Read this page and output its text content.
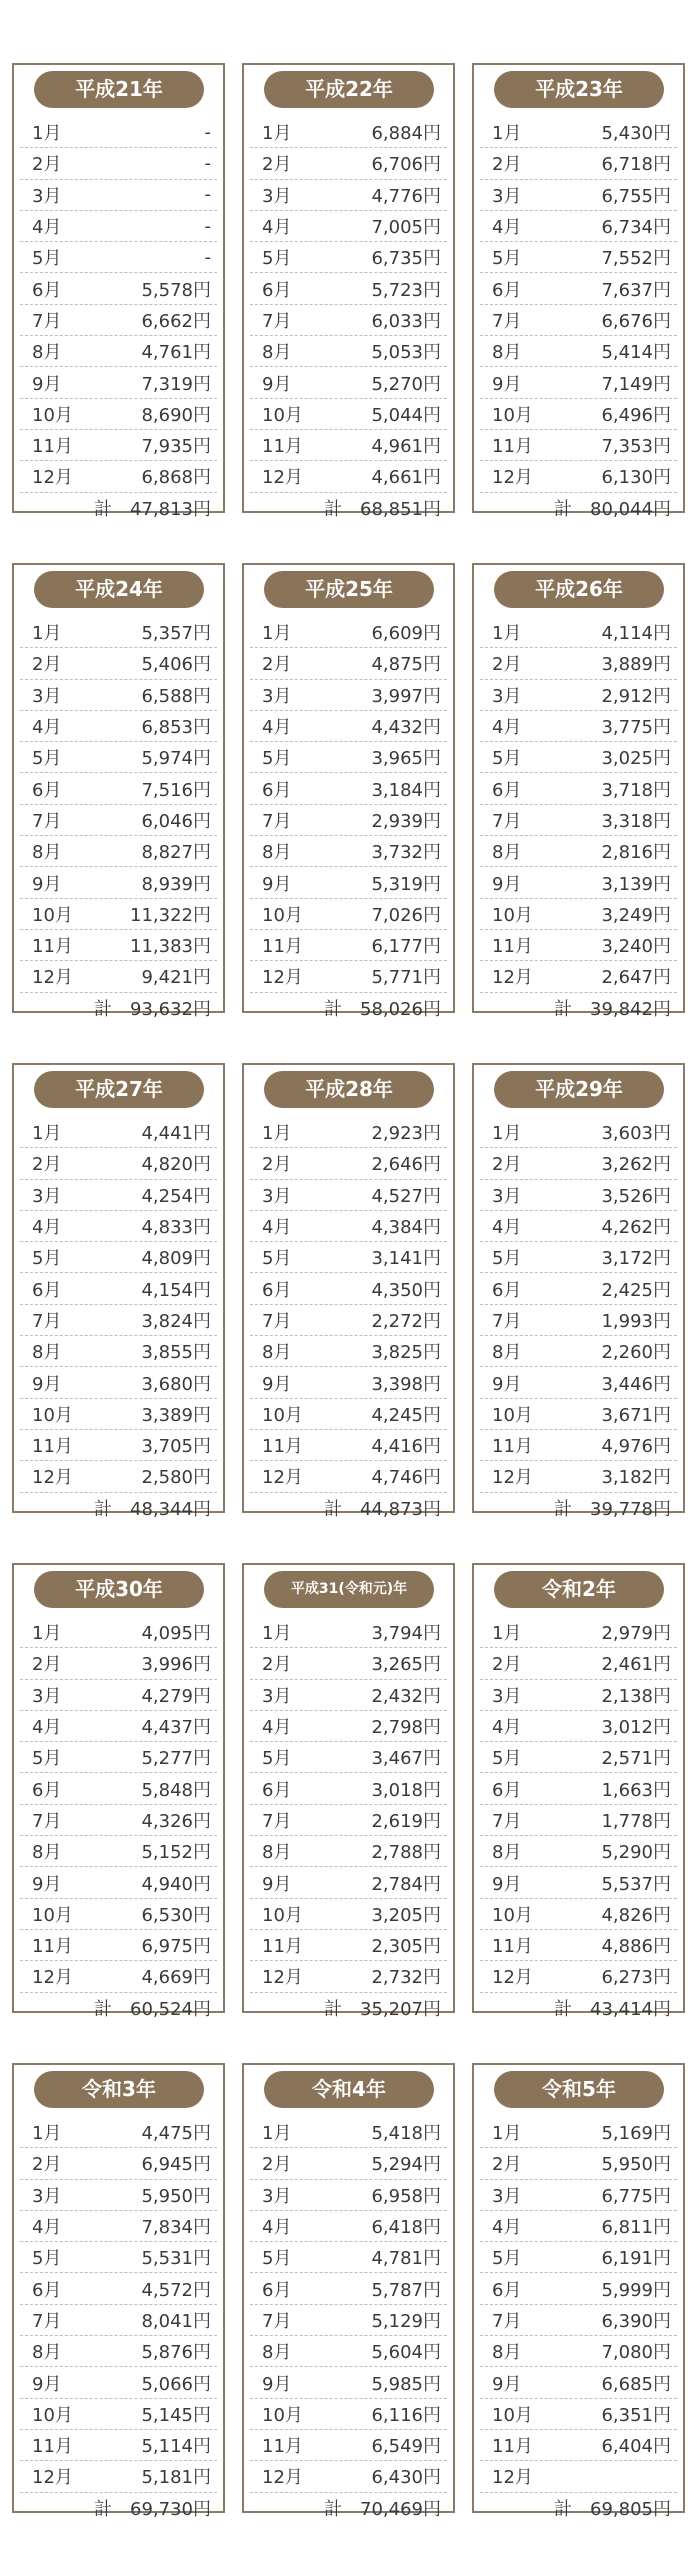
平成21年
1月	-
2月	-
3月	-
4月	-
5月	-
6月	5,578円
7月	6,662円
8月	4,761円
9月	7,319円
10月	8,690円
11月	7,935円
12月	6,868円
計 47,813円
平成22年
1月	6,884円
2月	6,706円
3月	4,776円
4月	7,005円
5月	6,735円
6月	5,723円
7月	6,033円
8月	5,053円
9月	5,270円
10月	5,044円
11月	4,961円
12月	4,661円
計 68,851円
平成23年
1月	5,430円
2月	6,718円
3月	6,755円
4月	6,734円
5月	7,552円
6月	7,637円
7月	6,676円
8月	5,414円
9月	7,149円
10月	6,496円
11月	7,353円
12月	6,130円
計 80,044円
平成24年
1月	5,357円
2月	5,406円
3月	6,588円
4月	6,853円
5月	5,974円
6月	7,516円
7月	6,046円
8月	8,827円
9月	8,939円
10月	11,322円
11月	11,383円
12月	9,421円
計 93,632円
平成25年
1月	6,609円
2月	4,875円
3月	3,997円
4月	4,432円
5月	3,965円
6月	3,184円
7月	2,939円
8月	3,732円
9月	5,319円
10月	7,026円
11月	6,177円
12月	5,771円
計 58,026円
平成26年
1月	4,114円
2月	3,889円
3月	2,912円
4月	3,775円
5月	3,025円
6月	3,718円
7月	3,318円
8月	2,816円
9月	3,139円
10月	3,249円
11月	3,240円
12月	2,647円
計 39,842円
平成27年
1月	4,441円
2月	4,820円
3月	4,254円
4月	4,833円
5月	4,809円
6月	4,154円
7月	3,824円
8月	3,855円
9月	3,680円
10月	3,389円
11月	3,705円
12月	2,580円
計 48,344円
平成28年
1月	2,923円
2月	2,646円
3月	4,527円
4月	4,384円
5月	3,141円
6月	4,350円
7月	2,272円
8月	3,825円
9月	3,398円
10月	4,245円
11月	4,416円
12月	4,746円
計 44,873円
平成29年
1月	3,603円
2月	3,262円
3月	3,526円
4月	4,262円
5月	3,172円
6月	2,425円
7月	1,993円
8月	2,260円
9月	3,446円
10月	3,671円
11月	4,976円
12月	3,182円
計 39,778円
平成30年
1月	4,095円
2月	3,996円
3月	4,279円
4月	4,437円
5月	5,277円
6月	5,848円
7月	4,326円
8月	5,152円
9月	4,940円
10月	6,530円
11月	6,975円
12月	4,669円
計 60,524円
平成31(令和元)年
1月	3,794円
2月	3,265円
3月	2,432円
4月	2,798円
5月	3,467円
6月	3,018円
7月	2,619円
8月	2,788円
9月	2,784円
10月	3,205円
11月	2,305円
12月	2,732円
計 35,207円
令和2年
1月	2,979円
2月	2,461円
3月	2,138円
4月	3,012円
5月	2,571円
6月	1,663円
7月	1,778円
8月	5,290円
9月	5,537円
10月	4,826円
11月	4,886円
12月	6,273円
計 43,414円
令和3年
1月	4,475円
2月	6,945円
3月	5,950円
4月	7,834円
5月	5,531円
6月	4,572円
7月	8,041円
8月	5,876円
9月	5,066円
10月	5,145円
11月	5,114円
12月	5,181円
計 69,730円
令和4年
1月	5,418円
2月	5,294円
3月	6,958円
4月	6,418円
5月	4,781円
6月	5,787円
7月	5,129円
8月	5,604円
9月	5,985円
10月	6,116円
11月	6,549円
12月	6,430円
計 70,469円
令和5年
1月	5,169円
2月	5,950円
3月	6,775円
4月	6,811円
5月	6,191円
6月	5,999円
7月	6,390円
8月	7,080円
9月	6,685円
10月	6,351円
11月	6,404円
12月
計 69,805円
